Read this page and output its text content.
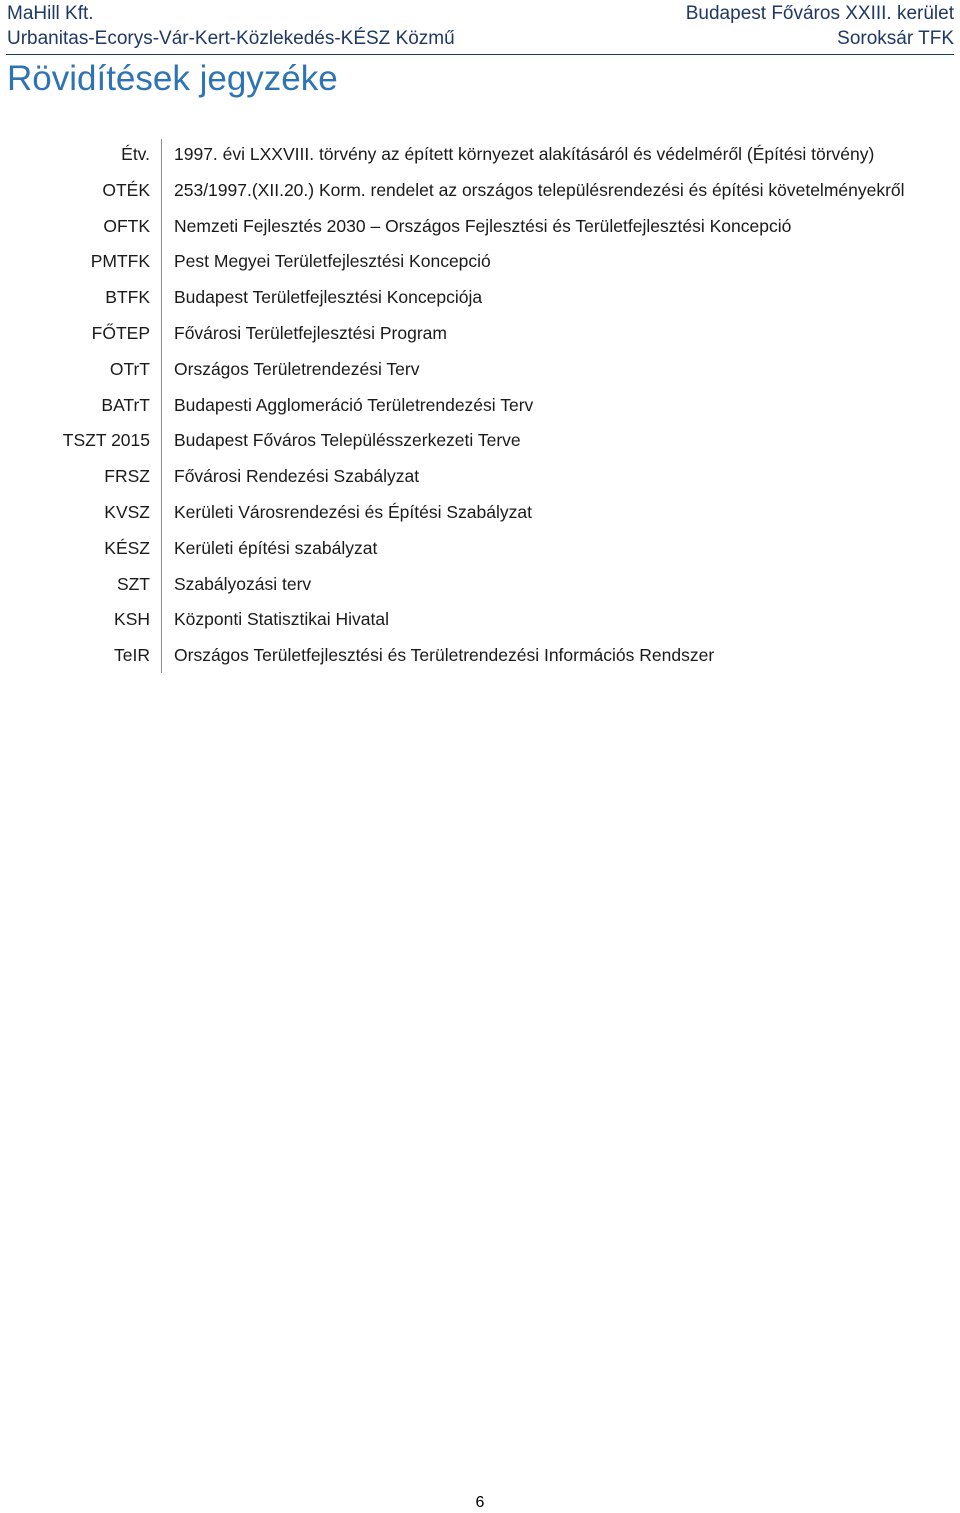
MaHill Kft.
Urbanitas-Ecorys-Vár-Kert-Közlekedés-KÉSZ Közmű
Budapest Főváros XXIII. kerület
Soroksár TFK
Rövidítések jegyzéke
Étv. 1997. évi LXXVIII. törvény az épített környezet alakításáról és védelméről (Építési törvény)
OTÉK 253/1997.(XII.20.) Korm. rendelet az országos településrendezési és építési követelményekről
OFTK Nemzeti Fejlesztés 2030 – Országos Fejlesztési és Területfejlesztési Koncepció
PMTFK Pest Megyei Területfejlesztési Koncepció
BTFK Budapest Területfejlesztési Koncepciója
FŐTEP Fővárosi Területfejlesztési Program
OTrT Országos Területrendezési Terv
BATrT Budapesti Agglomeráció Területrendezési Terv
TSZT 2015 Budapest Főváros Településszerkezeti Terve
FRSZ Fővárosi Rendezési Szabályzat
KVSZ Kerületi Városrendezési és Építési Szabályzat
KÉSZ Kerületi építési szabályzat
SZT Szabályozási terv
KSH Központi Statisztikai Hivatal
TeIR Országos Területfejlesztési és Területrendezési Információs Rendszer
6
